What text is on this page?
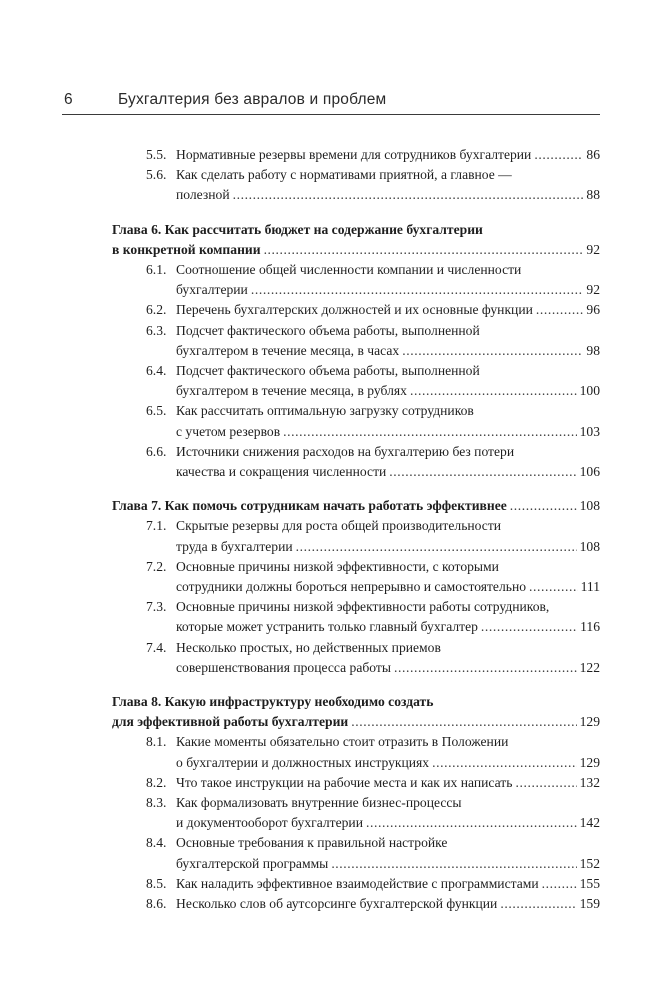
6	Бухгалтерия без авралов и проблем
5.5. Нормативные резервы времени для сотрудников бухгалтерии . . .	86
5.6. Как сделать работу с нормативами приятной, а главное —
полезной . . .	88
Глава 6. Как рассчитать бюджет на содержание бухгалтерии
в конкретной компании . . .	92
6.1. Соотношение общей численности компании и численности
бухгалтерии . . .	92
6.2. Перечень бухгалтерских должностей и их основные функции . . .	96
6.3. Подсчет фактического объема работы, выполненной
бухгалтером в течение месяца, в часах . . .	98
6.4. Подсчет фактического объема работы, выполненной
бухгалтером в течение месяца, в рублях . . .	100
6.5. Как рассчитать оптимальную загрузку сотрудников
с учетом резервов . . .	103
6.6. Источники снижения расходов на бухгалтерию без потери
качества и сокращения численности . . .	106
Глава 7. Как помочь сотрудникам начать работать эффективнее . . .	108
7.1. Скрытые резервы для роста общей производительности
труда в бухгалтерии . . .	108
7.2. Основные причины низкой эффективности, с которыми
сотрудники должны бороться непрерывно и самостоятельно . . .	111
7.3. Основные причины низкой эффективности работы сотрудников,
которые может устранить только главный бухгалтер . . .	116
7.4. Несколько простых, но действенных приемов
совершенствования процесса работы . . .	122
Глава 8. Какую инфраструктуру необходимо создать
для эффективной работы бухгалтерии . . .	129
8.1. Какие моменты обязательно стоит отразить в Положении
о бухгалтерии и должностных инструкциях . . .	129
8.2. Что такое инструкции на рабочие места и как их написать . . .	132
8.3. Как формализовать внутренние бизнес-процессы
и документооборот бухгалтерии . . .	142
8.4. Основные требования к правильной настройке
бухгалтерской программы . . .	152
8.5. Как наладить эффективное взаимодействие с программистами . . .	155
8.6. Несколько слов об аутсорсинге бухгалтерской функции . . .	159
